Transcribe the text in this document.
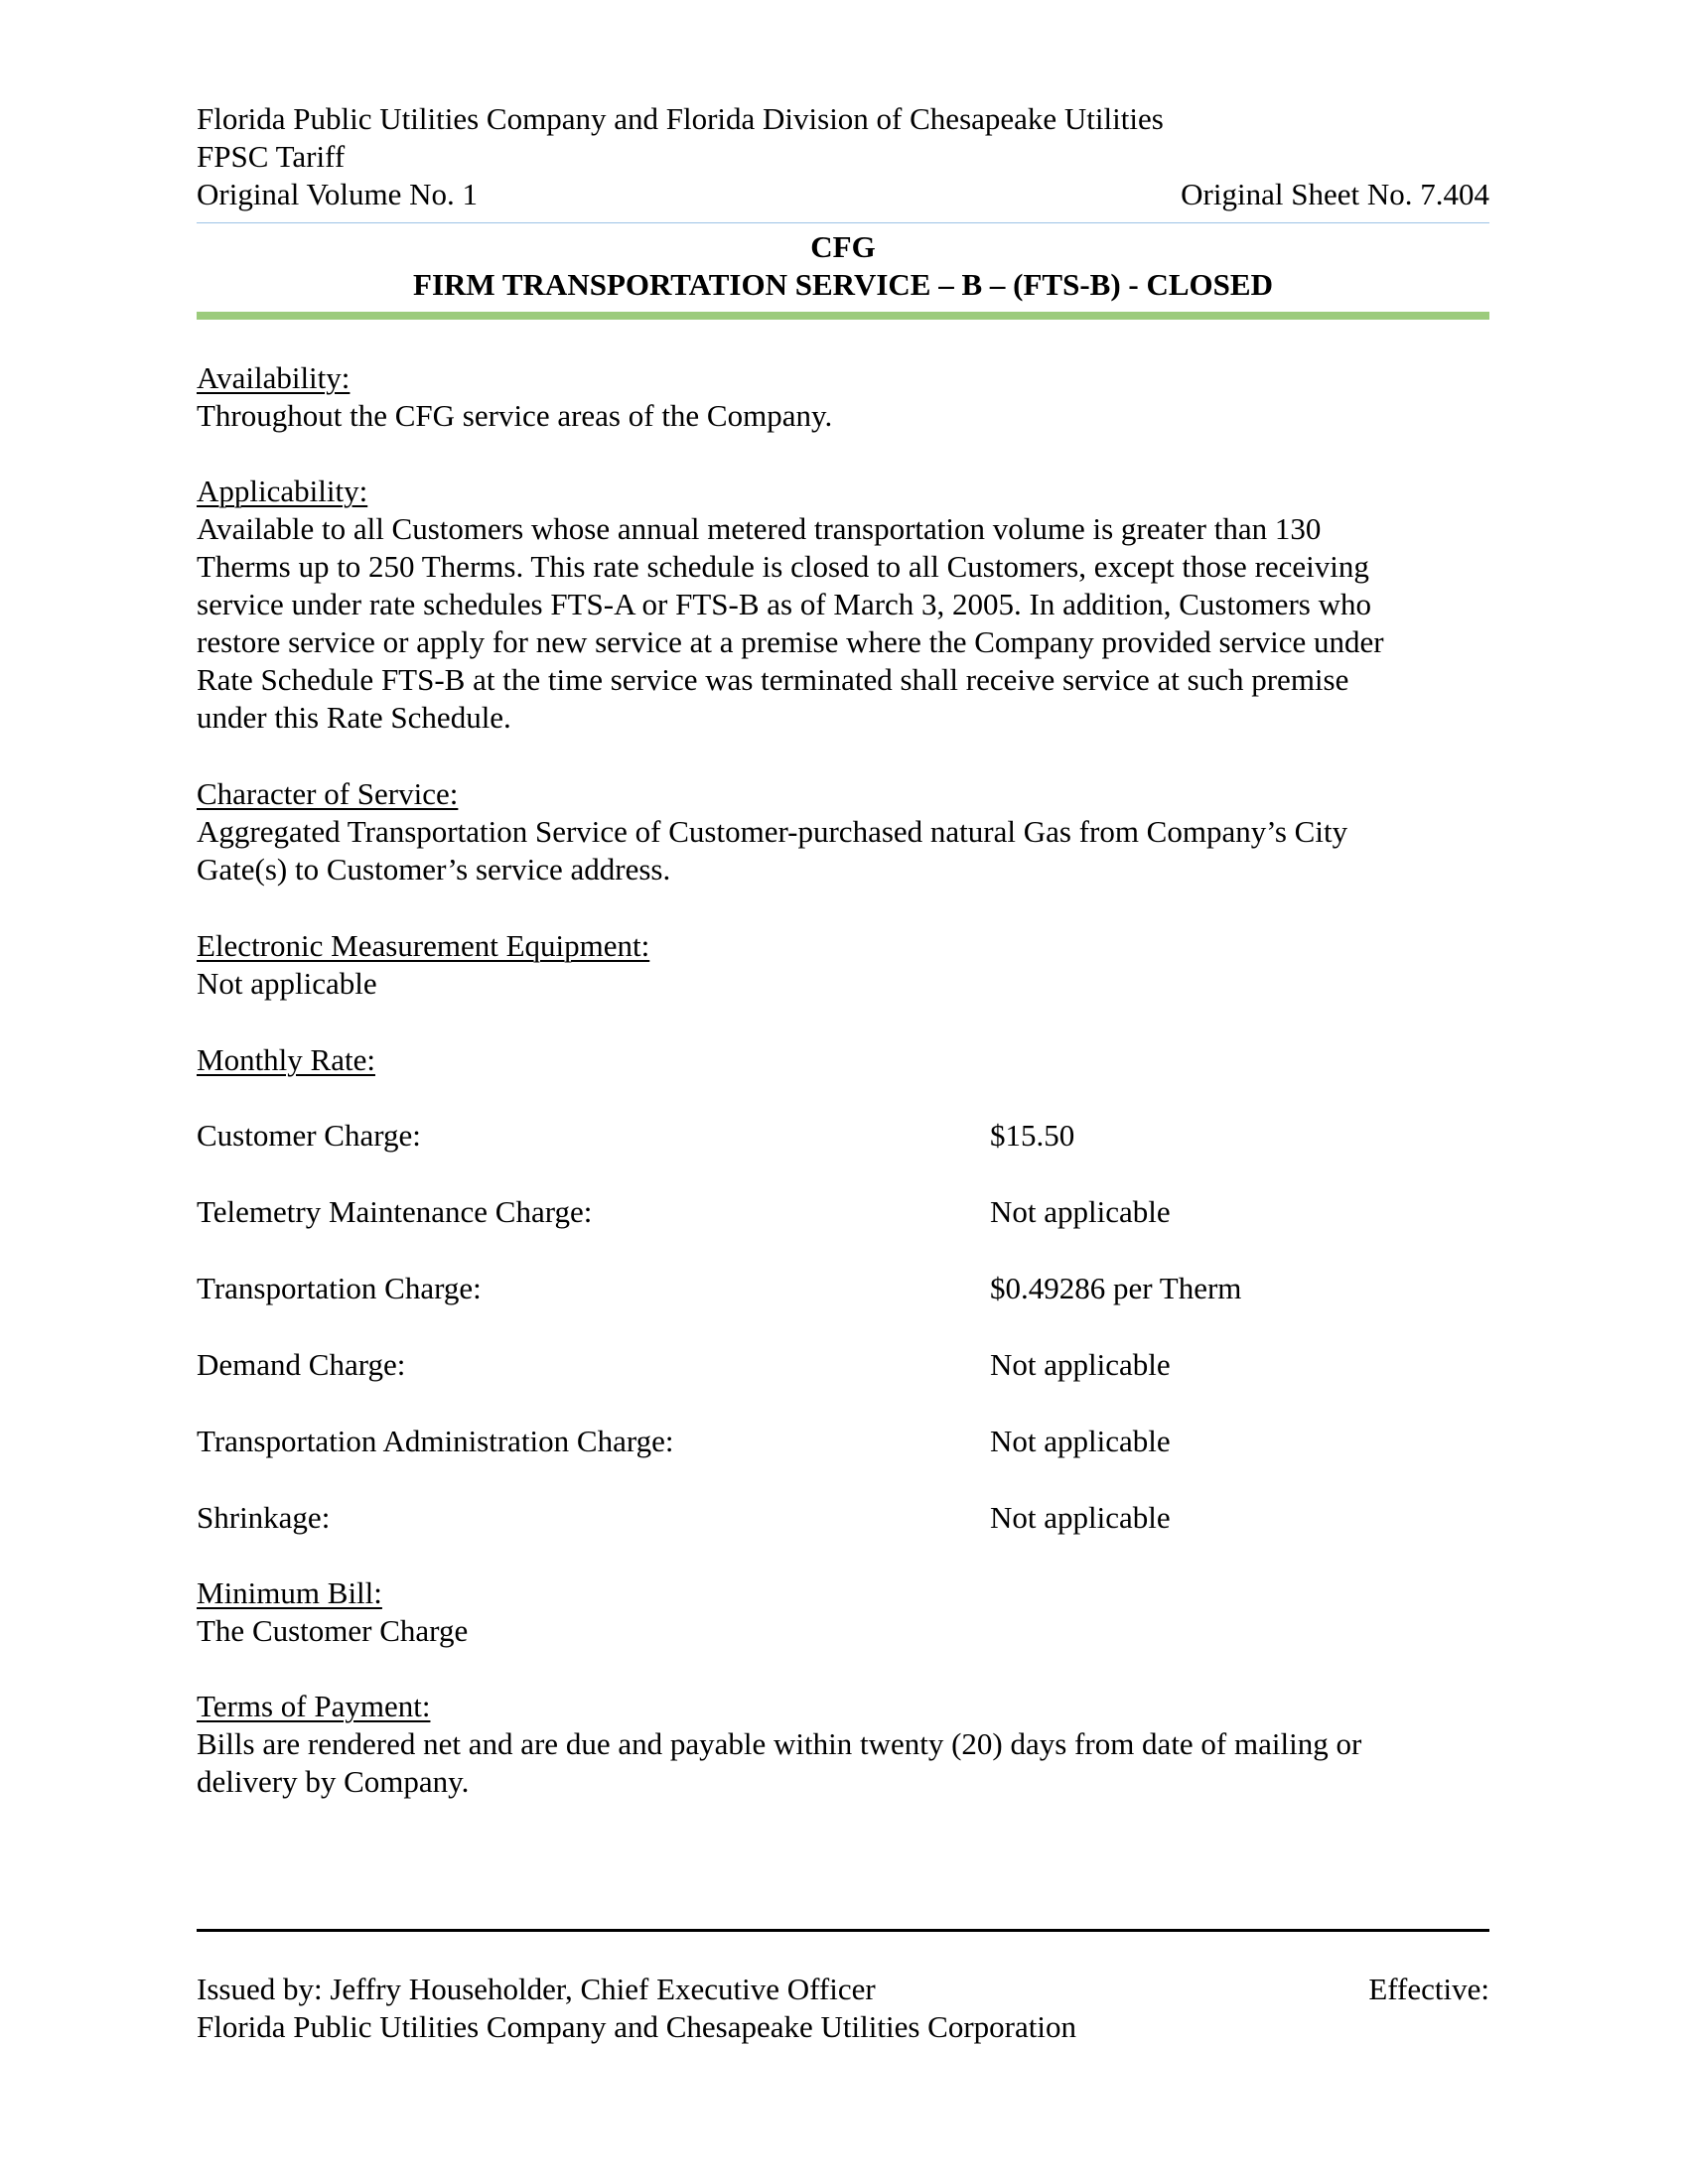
Florida Public Utilities Company and Florida Division of Chesapeake Utilities
FPSC Tariff
Original Volume No. 1	Original Sheet No. 7.404
CFG
FIRM TRANSPORTATION SERVICE – B – (FTS-B) - CLOSED
Availability:
Throughout the CFG service areas of the Company.
Applicability:
Available to all Customers whose annual metered transportation volume is greater than 130
Therms up to 250 Therms. This rate schedule is closed to all Customers, except those receiving
service under rate schedules FTS-A or FTS-B as of March 3, 2005. In addition, Customers who
restore service or apply for new service at a premise where the Company provided service under
Rate Schedule FTS-B at the time service was terminated shall receive service at such premise
under this Rate Schedule.
Character of Service:
Aggregated Transportation Service of Customer-purchased natural Gas from Company’s City
Gate(s) to Customer’s service address.
Electronic Measurement Equipment:
Not applicable
Monthly Rate:
Customer Charge:	$15.50
Telemetry Maintenance Charge:	Not applicable
Transportation Charge:	$0.49286 per Therm
Demand Charge:	Not applicable
Transportation Administration Charge:	Not applicable
Shrinkage:	Not applicable
Minimum Bill:
The Customer Charge
Terms of Payment:
Bills are rendered net and are due and payable within twenty (20) days from date of mailing or
delivery by Company.
Issued by: Jeffry Householder, Chief Executive Officer	Effective:
Florida Public Utilities Company and Chesapeake Utilities Corporation
